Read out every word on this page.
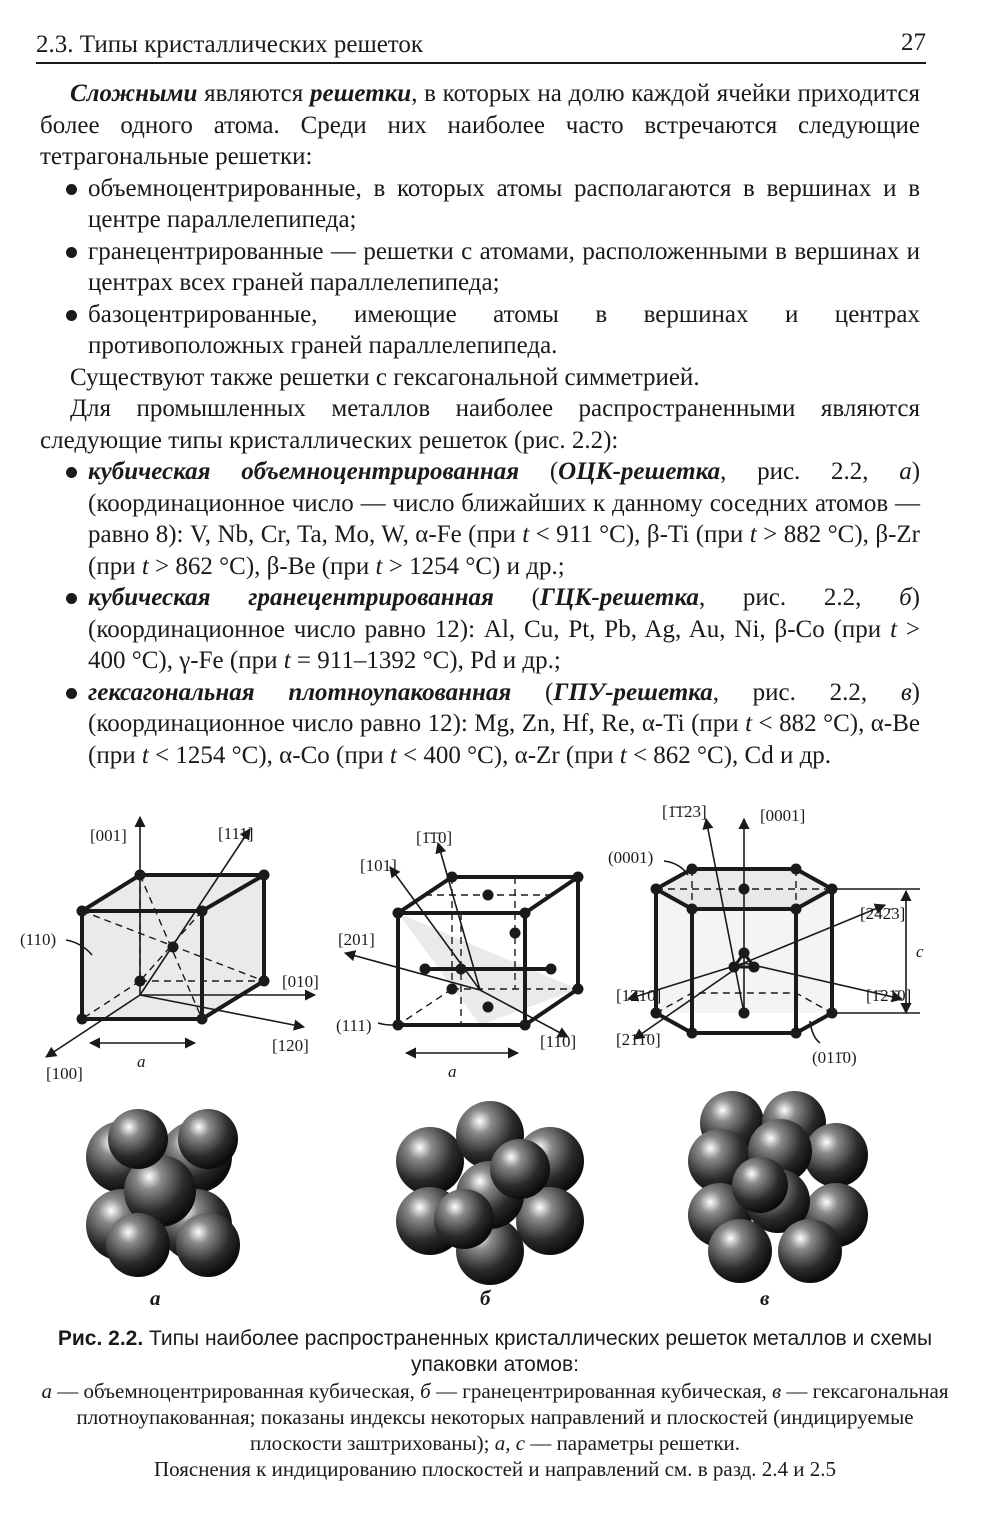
2.3. Типы кристаллических решеток	27

Сложными являются решетки, в которых на долю каждой ячейки приходится более одного атома. Среди них наиболее часто встречаются следующие тетрагональные решетки:

объемноцентрированные, в которых атомы располагаются в вершинах и в центре параллелепипеда;
гранецентрированные — решетки с атомами, расположенными в вершинах и центрах всех граней параллелепипеда;
базоцентрированные, имеющие атомы в вершинах и центрах противоположных граней параллелепипеда.

Существуют также решетки с гексагональной симметрией.

Для промышленных металлов наиболее распространенными являются следующие типы кристаллических решеток (рис. 2.2):

кубическая объемноцентрированная (ОЦК-решетка, рис. 2.2, а) (координационное число — число ближайших к данному соседних атомов — равно 8): V, Nb, Cr, Ta, Mo, W, α-Fe (при t < 911 °C), β-Ti (при t > 882 °C), β-Zr (при t > 862 °C), β-Be (при t > 1254 °C) и др.;
кубическая гранецентрированная (ГЦК-решетка, рис. 2.2, б) (координационное число равно 12): Al, Cu, Pt, Pb, Ag, Au, Ni, β-Co (при t > 400 °C), γ-Fe (при t = 911–1392 °C), Pd и др.;
гексагональная плотноупакованная (ГПУ-решетка, рис. 2.2, в) (координационное число равно 12): Mg, Zn, Hf, Re, α-Ti (при t < 882 °C), α-Be (при t < 1254 °C), α-Co (при t < 400 °C), α-Zr (при t < 862 °C), Cd и др.
[001]	[111]
(110)
[010]
[120]
[100]
a
[1̄1̄0]
[101]
[201]
(111)
[110]
a
[1̄1̄23]	[0001]
(0001)
[2̄42̄3]
c
[12̄10]	[1̄21̄0]
[21̄1̄0]
(011̄0)
а	б	в

Рис. 2.2. Типы наиболее распространенных кристаллических решеток металлов и схемы упаковки атомов:

а — объемноцентрированная кубическая, б — гранецентрированная кубическая, в — гексагональная плотноупакованная; показаны индексы некоторых направлений и плоскостей (индицируемые плоскости заштрихованы); a, c — параметры решетки.

Пояснения к индицированию плоскостей и направлений см. в разд. 2.4 и 2.5
